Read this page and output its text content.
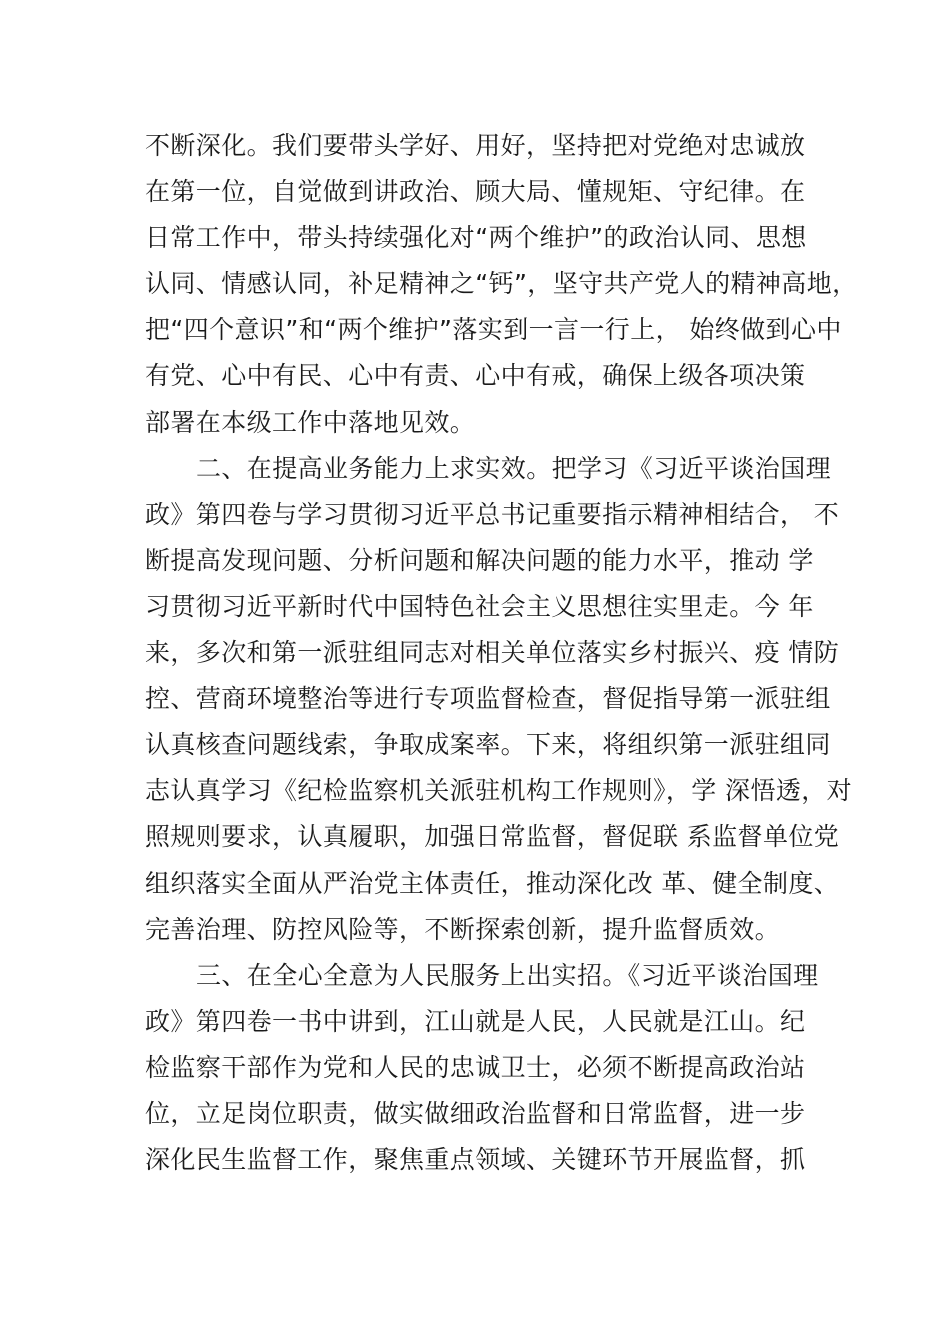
不断深化。我们要带头学好、用好，坚持把对党绝对忠诚放
在第一位，自觉做到讲政治、顾大局、懂规矩、守纪律。在
日常工作中，带头持续强化对“两个维护”的政治认同、思想
认同、情感认同，补足精神之“钙”，坚守共产党人的精神高地，
把“四个意识”和“两个维护”落实到一言一行上， 始终做到心中
有党、心中有民、心中有责、心中有戒，确保上级各项决策
部署在本级工作中落地见效。
二、在提高业务能力上求实效。把学习《习近平谈治国理
政》第四卷与学习贯彻习近平总书记重要指示精神相结合， 不
断提高发现问题、分析问题和解决问题的能力水平，推动 学
习贯彻习近平新时代中国特色社会主义思想往实里走。今 年
来，多次和第一派驻组同志对相关单位落实乡村振兴、疫 情防
控、营商环境整治等进行专项监督检查，督促指导第一派驻组
认真核查问题线索，争取成案率。下来，将组织第一派驻组同
志认真学习《纪检监察机关派驻机构工作规则》，学 深悟透，对
照规则要求，认真履职，加强日常监督，督促联 系监督单位党
组织落实全面从严治党主体责任，推动深化改 革、健全制度、
完善治理、防控风险等，不断探索创新，提升监督质效。
三、在全心全意为人民服务上出实招。《习近平谈治国理
政》第四卷一书中讲到，江山就是人民，人民就是江山。纪
检监察干部作为党和人民的忠诚卫士，必须不断提高政治站
位，立足岗位职责，做实做细政治监督和日常监督，进一步
深化民生监督工作，聚焦重点领域、关键环节开展监督，抓
